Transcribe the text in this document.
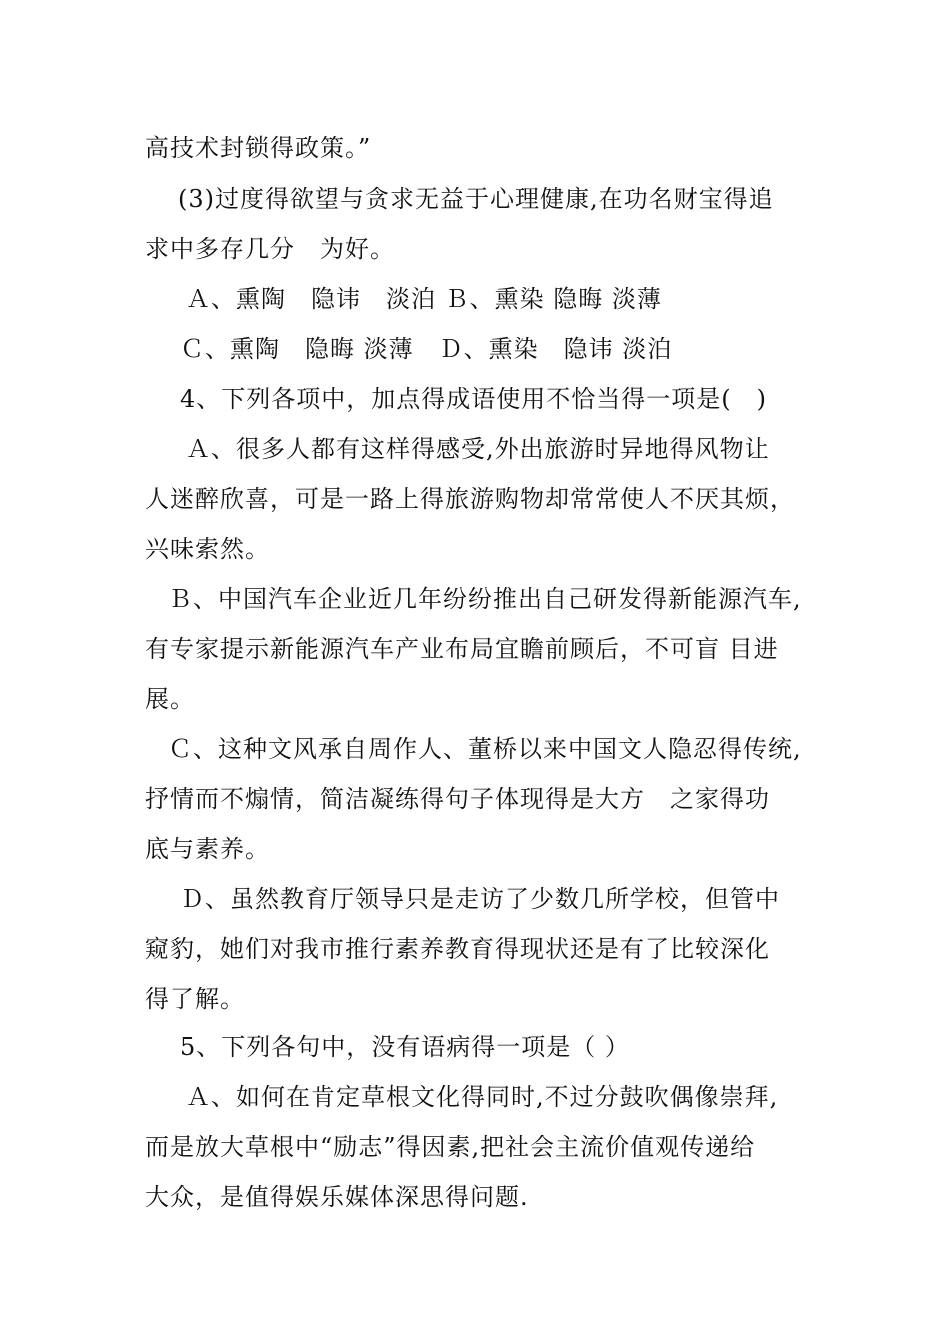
高技术封锁得政策。”
(3)过度得欲望与贪求无益于心理健康,在功名财宝得追
求中多存几分　为好。
Ａ、熏陶　隐讳　淡泊 Ｂ、熏染 隐晦 淡薄
Ｃ、熏陶　隐晦 淡薄　Ｄ、熏染　隐讳 淡泊
4、下列各项中，加点得成语使用不恰当得一项是(　)
Ａ、很多人都有这样得感受,外出旅游时异地得风物让
人迷醉欣喜，可是一路上得旅游购物却常常使人不厌其烦，
兴味索然。
Ｂ、中国汽车企业近几年纷纷推出自己研发得新能源汽车,
有专家提示新能源汽车产业布局宜瞻前顾后，不可盲 目进
展。
Ｃ、这种文风承自周作人、董桥以来中国文人隐忍得传统,
抒情而不煽情，简洁凝练得句子体现得是大方　之家得功
底与素养。
Ｄ、虽然教育厅领导只是走访了少数几所学校，但管中
窥豹，她们对我市推行素养教育得现状还是有了比较深化
得了解。
5、下列各句中，没有语病得一项是（ ）
Ａ、如何在肯定草根文化得同时,不过分鼓吹偶像崇拜,
而是放大草根中“励志”得因素,把社会主流价值观传递给
大众，是值得娱乐媒体深思得问题.
